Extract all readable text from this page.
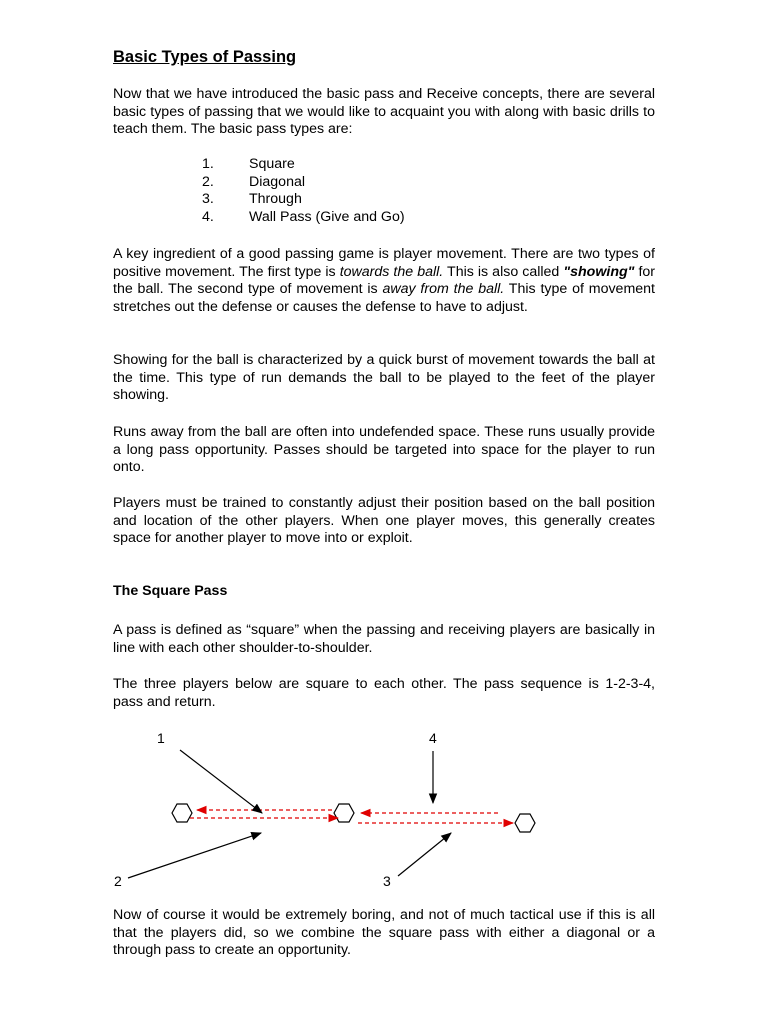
Basic Types of Passing

Now that we have introduced the basic pass and Receive concepts, there are several basic types of passing that we would like to acquaint you with along with basic drills to teach them. The basic pass types are:

1.	Square
2.	Diagonal
3.	Through
4.	Wall Pass (Give and Go)

A key ingredient of a good passing game is player movement. There are two types of positive movement. The first type is towards the ball. This is also called "showing" for the ball. The second type of movement is away from the ball. This type of movement stretches out the defense or causes the defense to have to adjust.

Showing for the ball is characterized by a quick burst of movement towards the ball at the time. This type of run demands the ball to be played to the feet of the player showing.

Runs away from the ball are often into undefended space. These runs usually provide a long pass opportunity. Passes should be targeted into space for the player to run onto.

Players must be trained to constantly adjust their position based on the ball position and location of the other players. When one player moves, this generally creates space for another player to move into or exploit.

The Square Pass

A pass is defined as “square” when the passing and receiving players are basically in line with each other shoulder-to-shoulder.

The three players below are square to each other. The pass sequence is 1-2-3-4, pass and return.

1	4
2	3

Now of course it would be extremely boring, and not of much tactical use if this is all that the players did, so we combine the square pass with either a diagonal or a through pass to create an opportunity.
